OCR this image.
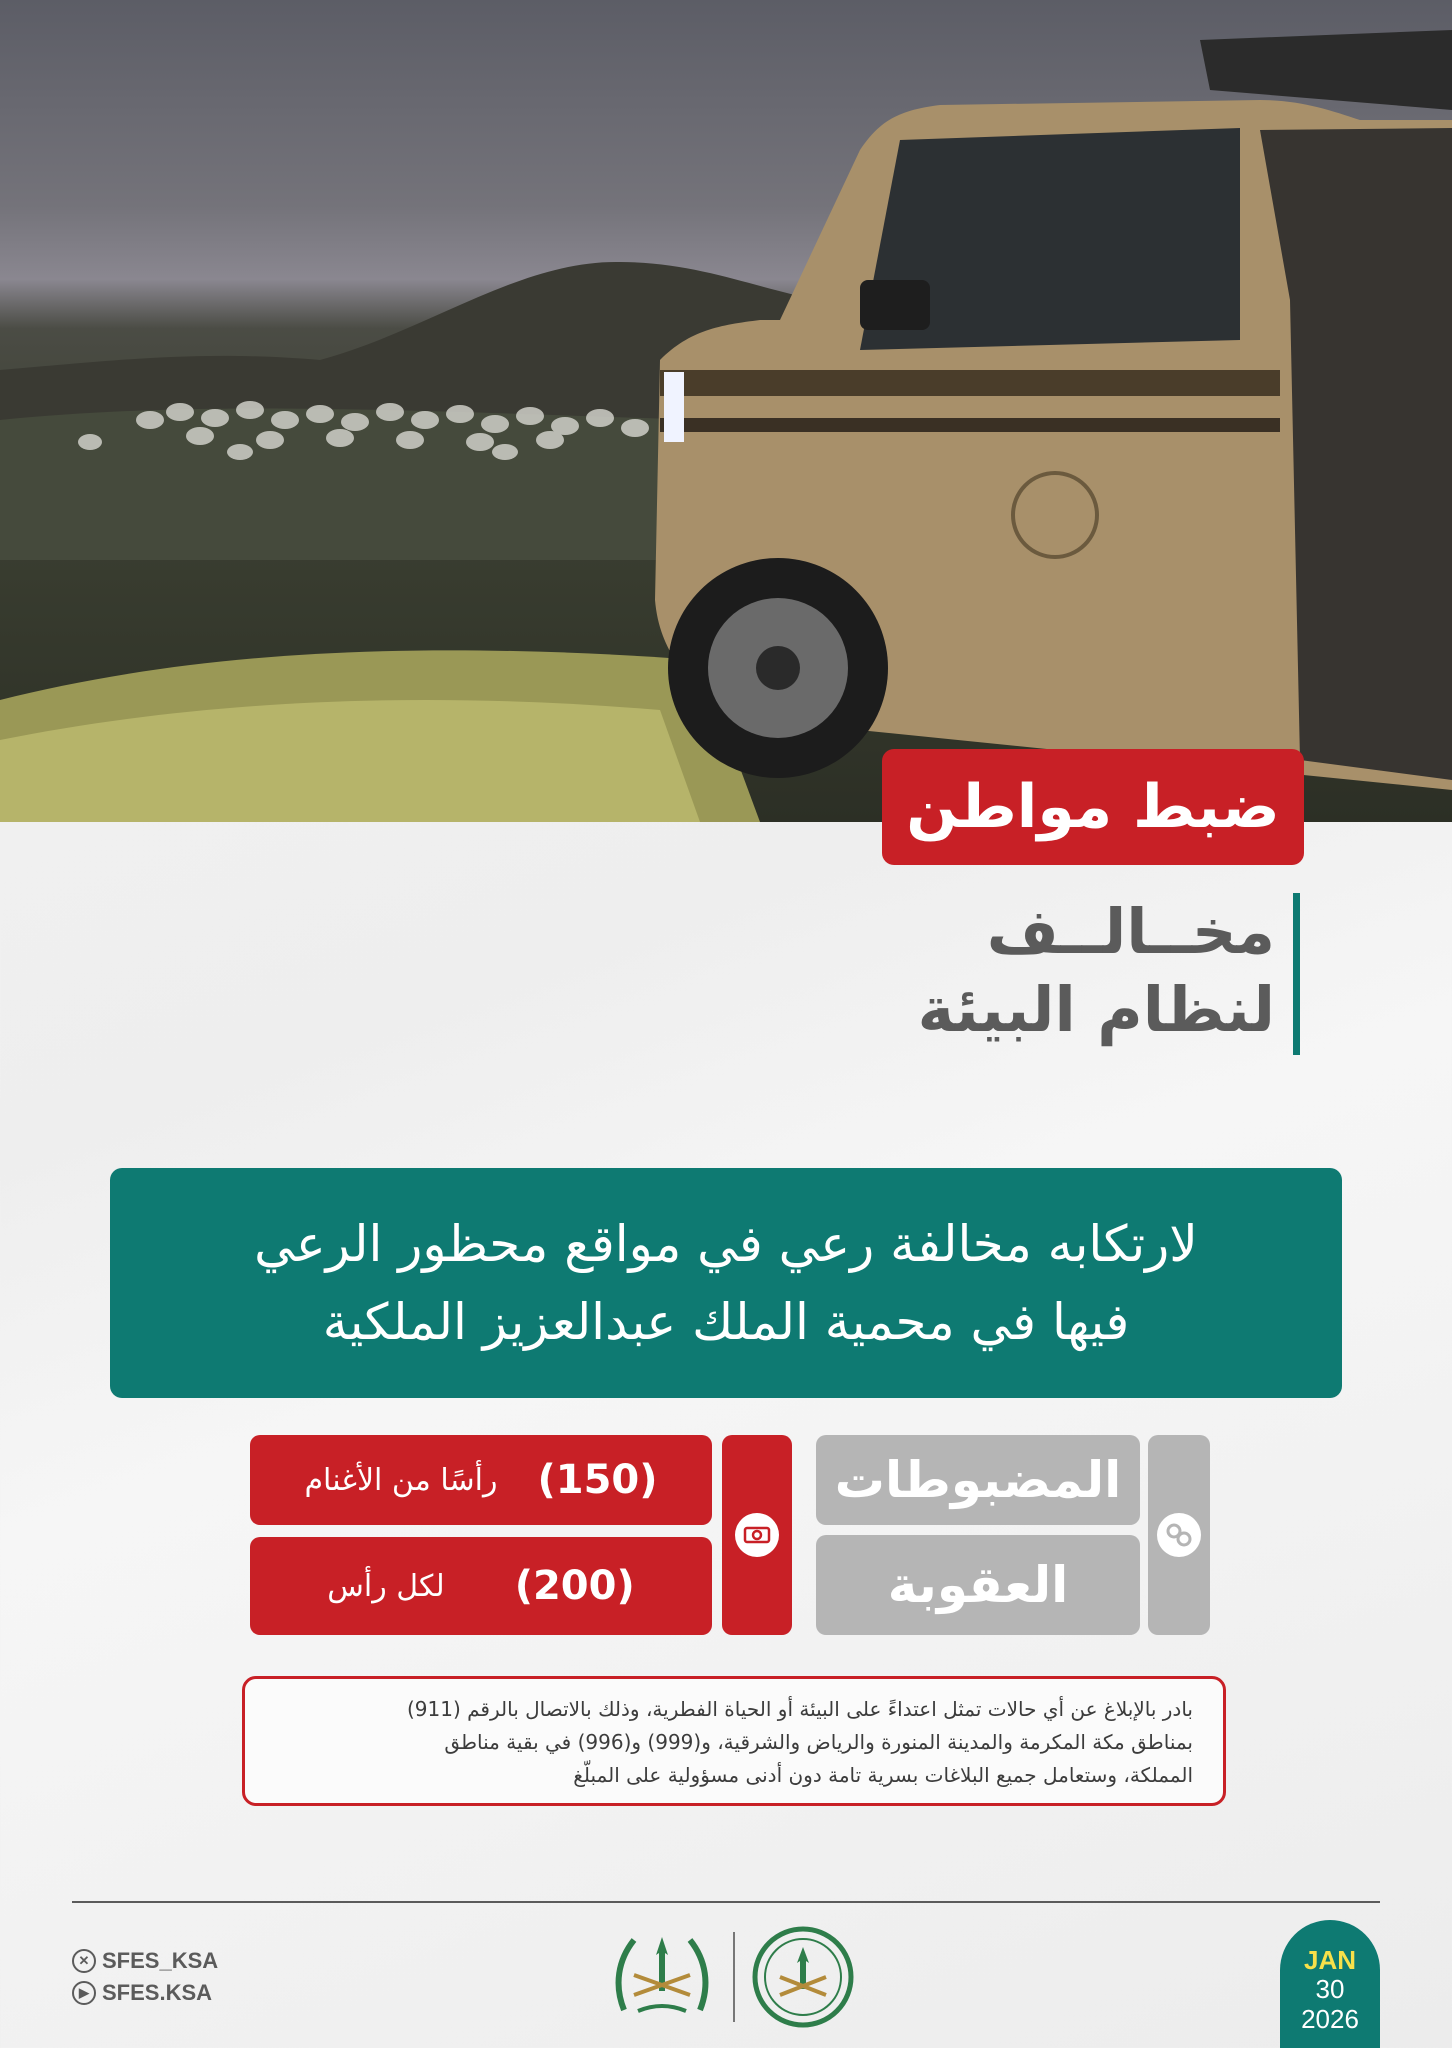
ضبط مواطن
مخــالــف
لنظام البيئة
لارتكابه مخالفة رعي في مواقع محظور الرعي
فيها في محمية الملك عبدالعزيز الملكية
المضبوطات
العقوبة
(150)
رأسًا من الأغنام
(200)
لكل رأس
بادر بالإبلاغ عن أي حالات تمثل اعتداءً على البيئة أو الحياة الفطرية، وذلك بالاتصال بالرقم (911)
بمناطق مكة المكرمة والمدينة المنورة والرياض والشرقية، و(999) و(996) في بقية مناطق
المملكة، وستعامل جميع البلاغات بسرية تامة دون أدنى مسؤولية على المبلّغ
✕ SFES_KSA
▶ SFES.KSA
JAN
30
2026
